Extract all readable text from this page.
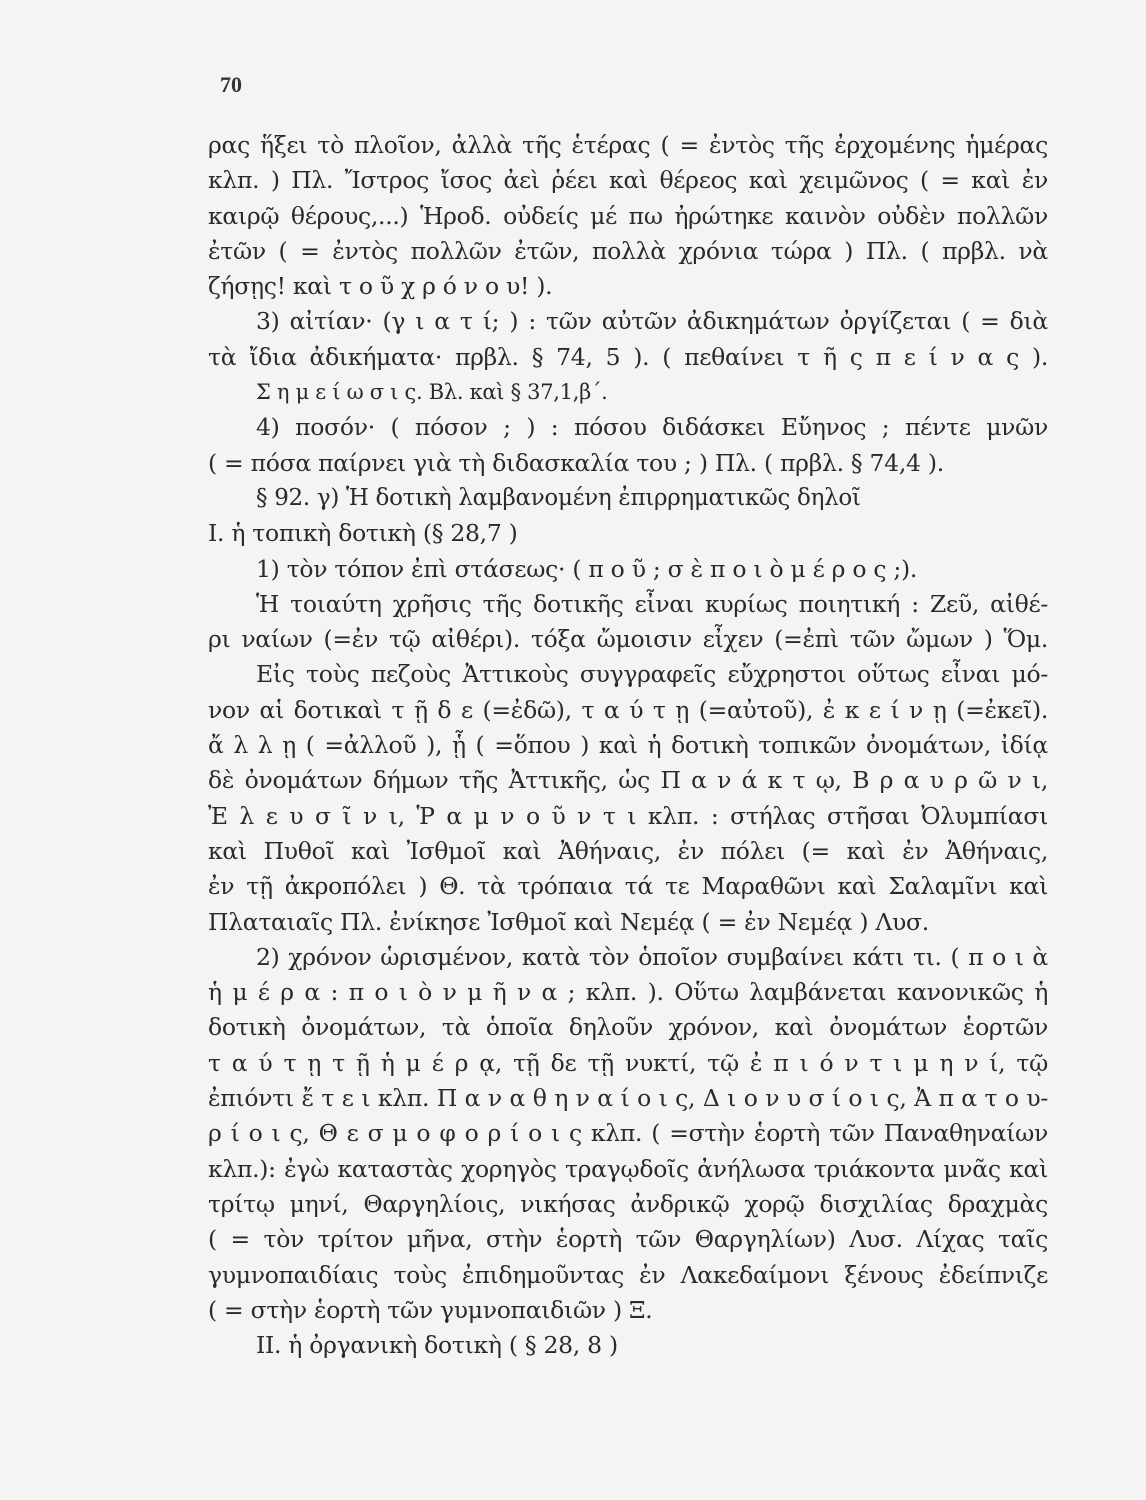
70
ρας ἥξει τὸ πλοῖον, ἀλλὰ τῆς ἑτέρας ( = ἐντὸς τῆς ἐρχομένης ἡμέρας
κλπ. ) Πλ. Ἴστρος ἴσος ἀεὶ ῥέει καὶ θέρεος καὶ χειμῶνος ( = καὶ ἐν
καιρῷ θέρους,...) Ἡροδ. οὐδείς μέ πω ἠρώτηκε καινὸν οὐδὲν πολλῶν
ἐτῶν ( = ἐντὸς πολλῶν ἐτῶν, πολλὰ χρόνια τώρα ) Πλ. ( πρβλ. νὰ
ζήσῃς! καὶ τ ο ῦ χ ρ ό ν ο υ! ).
3) αἰτίαν· (γ ι α τ ί; ) : τῶν αὐτῶν ἀδικημάτων ὀργίζεται ( = διὰ
τὰ ἴδια ἀδικήματα· πρβλ. § 74, 5 ). ( πεθαίνει τ ῆ ς π ε ί ν α ς ).
Σ η μ ε ί ω σ ι ς. Βλ. καὶ § 37,1,β΄.
4) ποσόν· ( πόσον ; ) : πόσου διδάσκει Εὔηνος ; πέντε μνῶν
( = πόσα παίρνει γιὰ τὴ διδασκαλία του ; ) Πλ. ( πρβλ. § 74,4 ).
§ 92. γ) Ἡ δοτικὴ λαμβανομένη ἐπιρρηματικῶς δηλοῖ
Ι. ἡ τοπικὴ δοτικὴ (§ 28,7 )
1) τὸν τόπον ἐπὶ στάσεως· ( π ο ῦ ; σ ὲ π ο ι ὸ μ έ ρ ο ς ;).
Ἡ τοιαύτη χρῆσις τῆς δοτικῆς εἶναι κυρίως ποιητική : Ζεῦ, αἰθέ-
ρι ναίων (=ἐν τῷ αἰθέρι). τόξα ὤμοισιν εἶχεν (=ἐπὶ τῶν ὤμων ) Ὅμ.
Εἰς τοὺς πεζοὺς Ἀττικοὺς συγγραφεῖς εὔχρηστοι οὕτως εἶναι μό-
νον αἱ δοτικαὶ τ ῇ δ ε (=ἐδῶ), τ α ύ τ ῃ (=αὐτοῦ), ἐ κ ε ί ν ῃ (=ἐκεῖ).
ἄ λ λ ῃ ( =ἀλλοῦ ), ᾗ ( =ὅπου ) καὶ ἡ δοτικὴ τοπικῶν ὀνομάτων, ἰδίᾳ
δὲ ὀνομάτων δήμων τῆς Ἀττικῆς, ὡς Π α ν ά κ τ ῳ, Β ρ α υ ρ ῶ ν ι,
Ἐ λ ε υ σ ῖ ν ι, Ῥ α μ ν ο ῦ ν τ ι κλπ. : στήλας στῆσαι Ὀλυμπίασι
καὶ Πυθοῖ καὶ Ἰσθμοῖ καὶ Ἀθήναις, ἐν πόλει (= καὶ ἐν Ἀθήναις,
ἐν τῇ ἀκροπόλει ) Θ. τὰ τρόπαια τά τε Μαραθῶνι καὶ Σαλαμῖνι καὶ
Πλαταιαῖς Πλ. ἐνίκησε Ἰσθμοῖ καὶ Νεμέᾳ ( = ἐν Νεμέᾳ ) Λυσ.
2) χρόνον ὡρισμένον, κατὰ τὸν ὁποῖον συμβαίνει κάτι τι. ( π ο ι ὰ
ἡ μ έ ρ α : π ο ι ὸ ν μ ῆ ν α ; κλπ. ). Οὕτω λαμβάνεται κανονικῶς ἡ
δοτικὴ ὀνομάτων, τὰ ὁποῖα δηλοῦν χρόνον, καὶ ὀνομάτων ἑορτῶν
τ α ύ τ ῃ τ ῇ ἡ μ έ ρ ᾳ, τῇ δε τῇ νυκτί, τῷ ἐ π ι ό ν τ ι μ η ν ί, τῷ
ἐπιόντι ἔ τ ε ι κλπ. Π α ν α θ η ν α ί ο ι ς, Δ ι ο ν υ σ ί ο ι ς, Ἀ π α τ ο υ-
ρ ί ο ι ς, Θ ε σ μ ο φ ο ρ ί ο ι ς κλπ. ( =στὴν ἑορτὴ τῶν Παναθηναίων
κλπ.): ἐγὼ καταστὰς χορηγὸς τραγῳδοῖς ἀνήλωσα τριάκοντα μνᾶς καὶ
τρίτῳ μηνί, Θαργηλίοις, νικήσας ἀνδρικῷ χορῷ δισχιλίας δραχμὰς
( = τὸν τρίτον μῆνα, στὴν ἑορτὴ τῶν Θαργηλίων) Λυσ. Λίχας ταῖς
γυμνοπαιδίαις τοὺς ἐπιδημοῦντας ἐν Λακεδαίμονι ξένους ἐδείπνιζε
( = στὴν ἑορτὴ τῶν γυμνοπαιδιῶν ) Ξ.
ΙΙ. ἡ ὀργανικὴ δοτικὴ ( § 28, 8 )
